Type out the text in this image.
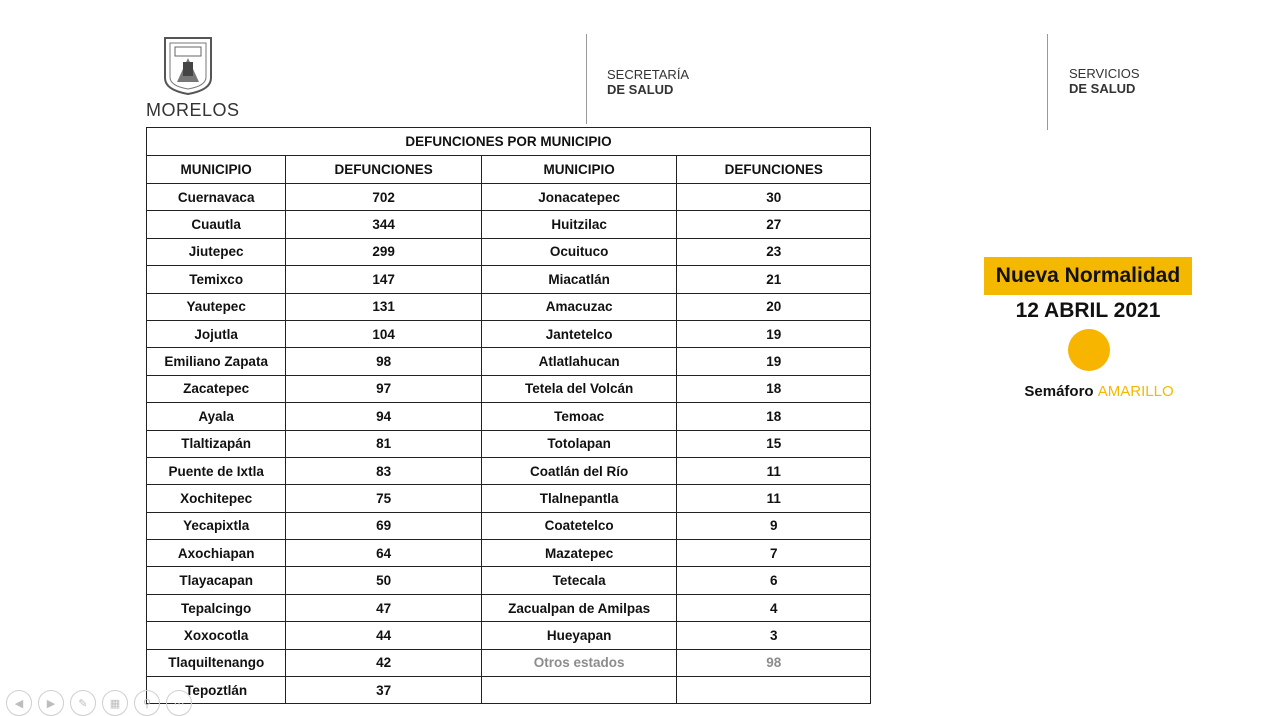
MORELOS
SECRETARÍA
DE SALUD
SERVICIOS
DE SALUD
DEFUNCIONES POR MUNICIPIO			
MUNICIPIO	DEFUNCIONES	MUNICIPIO	DEFUNCIONES
Cuernavaca	702	Jonacatepec	30
Cuautla	344	Huitzilac	27
Jiutepec	299	Ocuituco	23
Temixco	147	Miacatlán	21
Yautepec	131	Amacuzac	20
Jojutla	104	Jantetelco	19
Emiliano Zapata	98	Atlatlahucan	19
Zacatepec	97	Tetela del Volcán	18
Ayala	94	Temoac	18
Tlaltizapán	81	Totolapan	15
Puente de Ixtla	83	Coatlán del Río	11
Xochitepec	75	Tlalnepantla	11
Yecapixtla	69	Coatetelco	9
Axochiapan	64	Mazatepec	7
Tlayacapan	50	Tetecala	6
Tepalcingo	47	Zacualpan de Amilpas	4
Xoxocotla	44	Hueyapan	3
Tlaquiltenango	42	Otros estados	98
Tepoztlán	37		
Nueva Normalidad
12 ABRIL 2021
Semáforo AMARILLO
◀	▶	✎	▦	⚲	⋯
